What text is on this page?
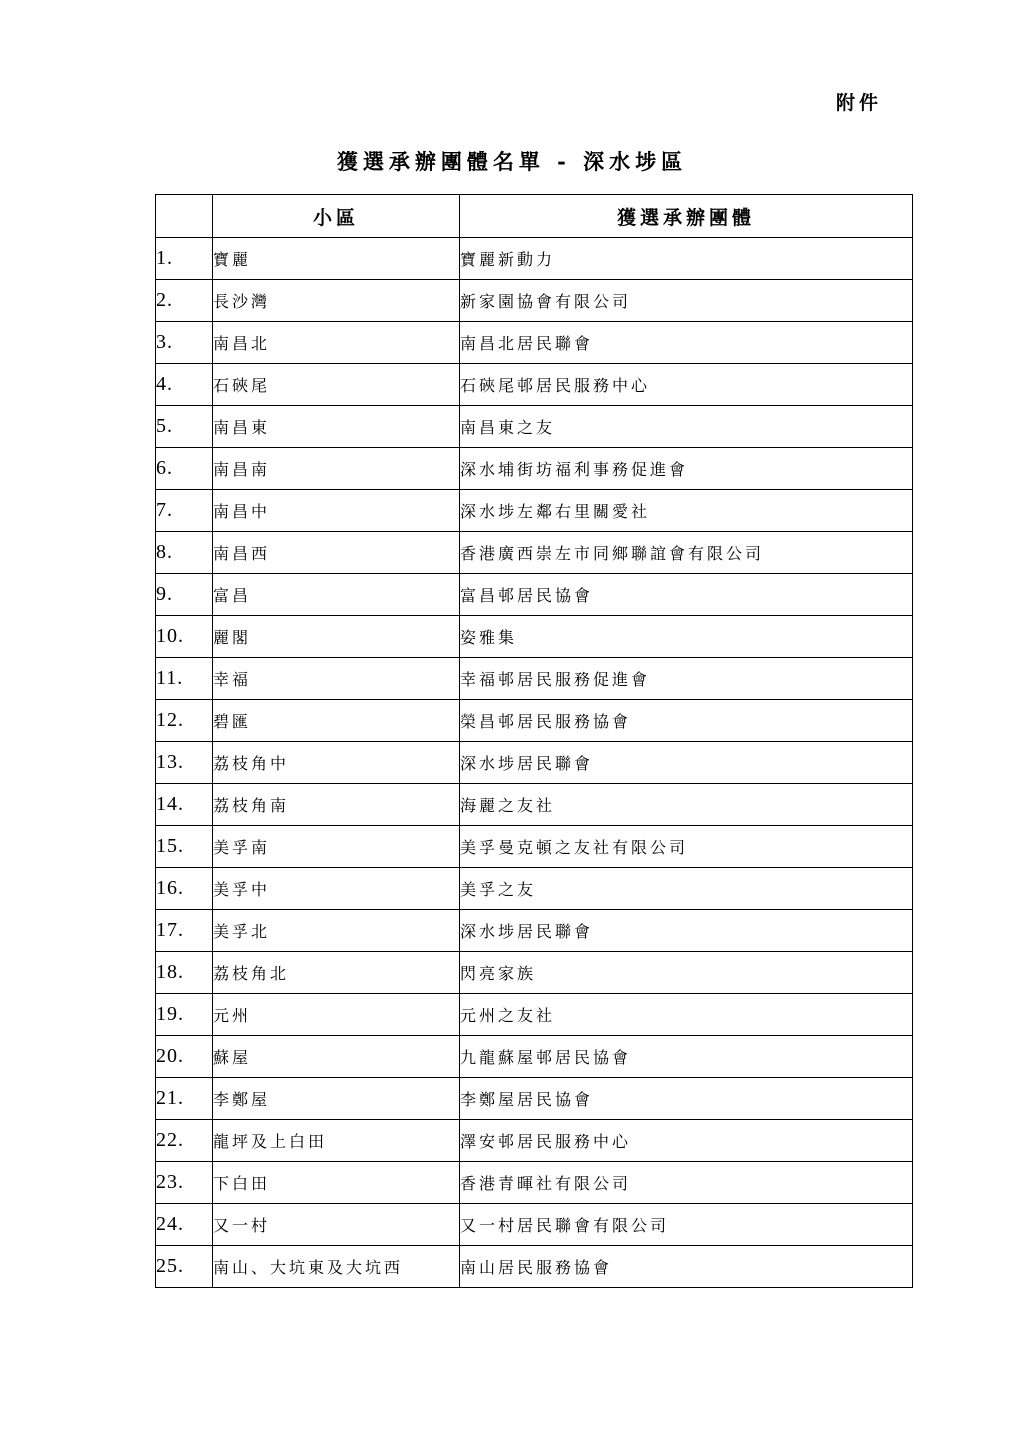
附件
獲選承辦團體名單 - 深水埗區
	小區	獲選承辦團體
1.	寶麗	寶麗新動力
2.	長沙灣	新家園協會有限公司
3.	南昌北	南昌北居民聯會
4.	石硤尾	石硤尾邨居民服務中心
5.	南昌東	南昌東之友
6.	南昌南	深水埔街坊福利事務促進會
7.	南昌中	深水埗左鄰右里關愛社
8.	南昌西	香港廣西崇左市同鄉聯誼會有限公司
9.	富昌	富昌邨居民協會
10.	麗閣	姿雅集
11.	幸福	幸福邨居民服務促進會
12.	碧匯	榮昌邨居民服務協會
13.	荔枝角中	深水埗居民聯會
14.	荔枝角南	海麗之友社
15.	美孚南	美孚曼克頓之友社有限公司
16.	美孚中	美孚之友
17.	美孚北	深水埗居民聯會
18.	荔枝角北	閃亮家族
19.	元州	元州之友社
20.	蘇屋	九龍蘇屋邨居民協會
21.	李鄭屋	李鄭屋居民協會
22.	龍坪及上白田	澤安邨居民服務中心
23.	下白田	香港青暉社有限公司
24.	又一村	又一村居民聯會有限公司
25.	南山、大坑東及大坑西	南山居民服務協會
